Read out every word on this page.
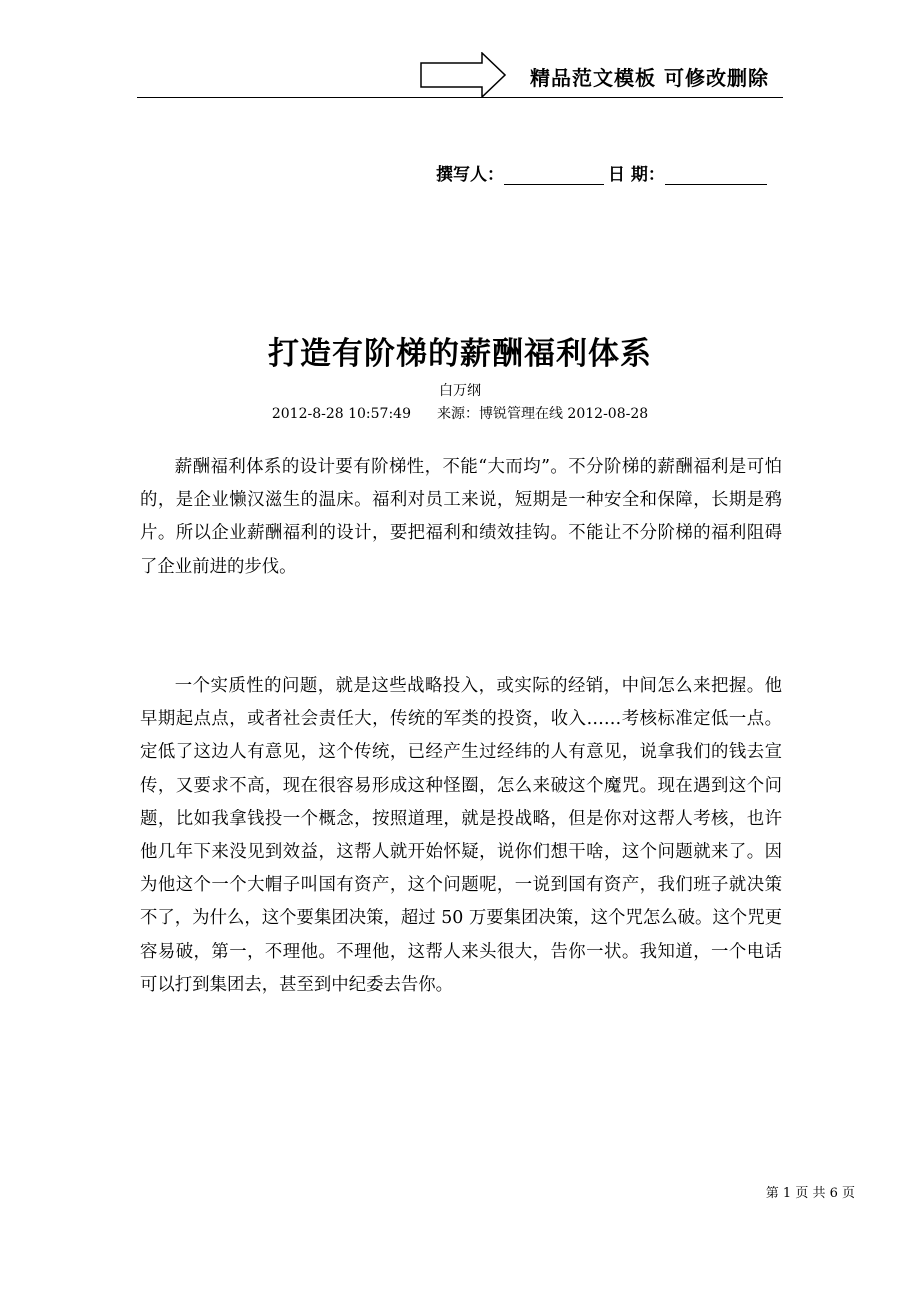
精品范文模板 可修改删除
撰写人：	日 期：
打造有阶梯的薪酬福利体系
白万纲
2012-8-28 10:57:49 来源：博锐管理在线 2012-08-28

薪酬福利体系的设计要有阶梯性，不能“大而均”。不分阶梯的薪酬福利是可怕的，是企业懒汉滋生的温床。福利对员工来说，短期是一种安全和保障，长期是鸦片。所以企业薪酬福利的设计，要把福利和绩效挂钩。不能让不分阶梯的福利阻碍了企业前进的步伐。

一个实质性的问题，就是这些战略投入，或实际的经销，中间怎么来把握。他早期起点点，或者社会责任大，传统的军类的投资，收入……考核标准定低一点。定低了这边人有意见，这个传统，已经产生过经纬的人有意见，说拿我们的钱去宣传，又要求不高，现在很容易形成这种怪圈，怎么来破这个魔咒。现在遇到这个问题，比如我拿钱投一个概念，按照道理，就是投战略，但是你对这帮人考核，也许他几年下来没见到效益，这帮人就开始怀疑，说你们想干啥，这个问题就来了。因为他这个一个大帽子叫国有资产，这个问题呢，一说到国有资产，我们班子就决策不了，为什么，这个要集团决策，超过 50 万要集团决策，这个咒怎么破。这个咒更容易破，第一，不理他。不理他，这帮人来头很大，告你一状。我知道，一个电话可以打到集团去，甚至到中纪委去告你。

第 1 页 共 6 页
